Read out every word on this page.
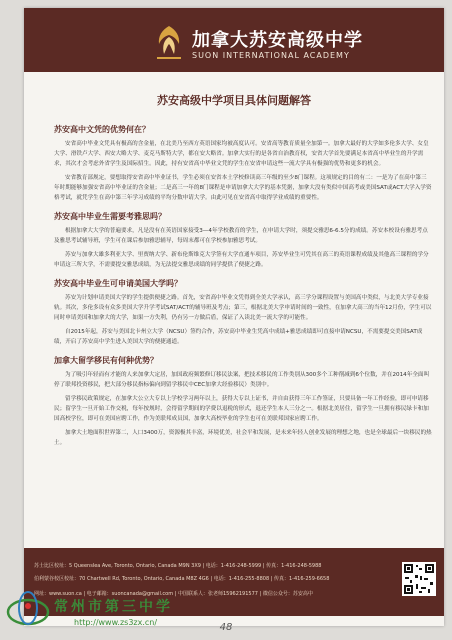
加拿大苏安高级中学
SUON INTERNATIONAL ACADEMY
苏安高级中学项目具体问题解答
苏安高中文凭的优势何在？

安省高中毕业文凭具有极高的含金量，在北美乃至西方英语国家均被高度认可。安省高等教育质量全加第一。加拿大最好的大学如多伦多大学、女皇大学、滑铁卢大学、西安大略大学、麦克马斯特大学，都在安大略省。加拿大实行的是各省自治教育权，安省大学首先要满足本省高中毕业生的升学需求，其次才会考虑外省学生及国际招生。因此，持有安省高中毕业文凭的学生在安省申请这些一流大学具有极强的优势和更多的机会。

安省教育部规定，要想取得安省高中毕业证书，学生必须在安省本土学校修读高三年级的至少8门课程。这项规定的目的有二：一是为了在高中第三年时期能够加强安省高中毕业证的含金量；二是高三一年的8门课程是申请加拿大大学的基本凭据，加拿大没有类似中国高考或美国SAT或ACT大学入学资格考试，就凭学生在高中第三年学习成绩的平均分数申请大学。由此可见在安省高中取得学业成绩的重要性。

苏安高中毕业生需要考雅思吗？

根据加拿大大学的普遍要求，凡是没有在英语国家接受3—4年学校教育的学生，在申请大学时，须提交雅思6-6.5分的成绩。苏安本校设有雅思考点及雅思考试辅导班，学生可在课后参加雅思辅导，每周末都可在学校参加雅思考试。

苏安与加拿大雄多利亚大学、里贾纳大学、新布伦斯维克大学签有大学直通车项目，苏安毕业生可凭其在高三的英语课程成绩及其他高三课程的学分申请这三所大学，不需要提交雅思成绩，为无法提交雅思成绩的同学提供了便捷之路。

苏安高中毕业生可申请美国大学吗？

苏安为计划申请美国大学的学生提供便捷之路。首先，安省高中毕业文凭得到全美大学承认，高三学分课程设置与美国高中类似，与北美大学专业接轨。其次，多伦多设有众多美国大学升学考试SAT/ACT的辅导班及考点；第三，根据北美大学申请时间的一致性，在加拿大高三的当年12月份，学生可以同时申请美国和加拿大的大学，如果一方失利，仍有另一方做后盾，保证了入读北美一流大学的可能性。

自2015年起，苏安与美国北卡州立大学（NCSU）签约合作，苏安高中毕业生凭高中成绩+雅思成绩即可直接申请NCSU，不需要提交美国SAT成绩，开启了苏安高中学生进入美国大学的便捷通道。

加拿大留学移民有何种优势？

为了吸引年轻而有才能的人来加拿大定居，加国政府频繁修订移民法案，把技术移民的工作类别从300多个工种削减到6个位数，并在2014年全面叫停了联邦投资移民，把大部分移民指标偏向到留学移民中CEC加拿大经验移民）类别中。

留学移民政策规定，在加拿大公立大专以上学校学习两年以上，获得大专以上证书，并自由获得三年工作签证，只要具备一年工作经验，即可申请移民；留学生一旦开始工作交税，每年按规时，会得留学期间的学费以退税的形式，退还学生本人三分之一。根据北美居住，留学生一旦拥有移民绿卡和加国高校学位，即可在美国应聘工作，作为美联邦成员国，加拿大高校毕业的学生也可在美联邦国家应聘工作。

加拿大土地面积世界第二，人口3400万，资源极其丰富，环境优美，社会平和发展，是未来年轻人创业发展的理想之地，也是全球最后一块移民的热土。

苏士比区校址：5 Queenslea Ave, Toronto, Ontario, Canada M9N 3X9 | 电话：1-416-248-5999 | 传真：1-416-248-5988
伯利蒙谷校区校址：70 Chartwell Rd, Toronto, Ontario, Canada M8Z 4G6 | 电话：1-416-255-8808 | 传真：1-416-259-6658
网址：www.suon.ca | 电子邮箱：suoncanada@gmail.com | 中国联系人：张老师15962191577 | 微信公众号：苏安高中
48
常州市第三中学
http://www.zs3zx.cn/
